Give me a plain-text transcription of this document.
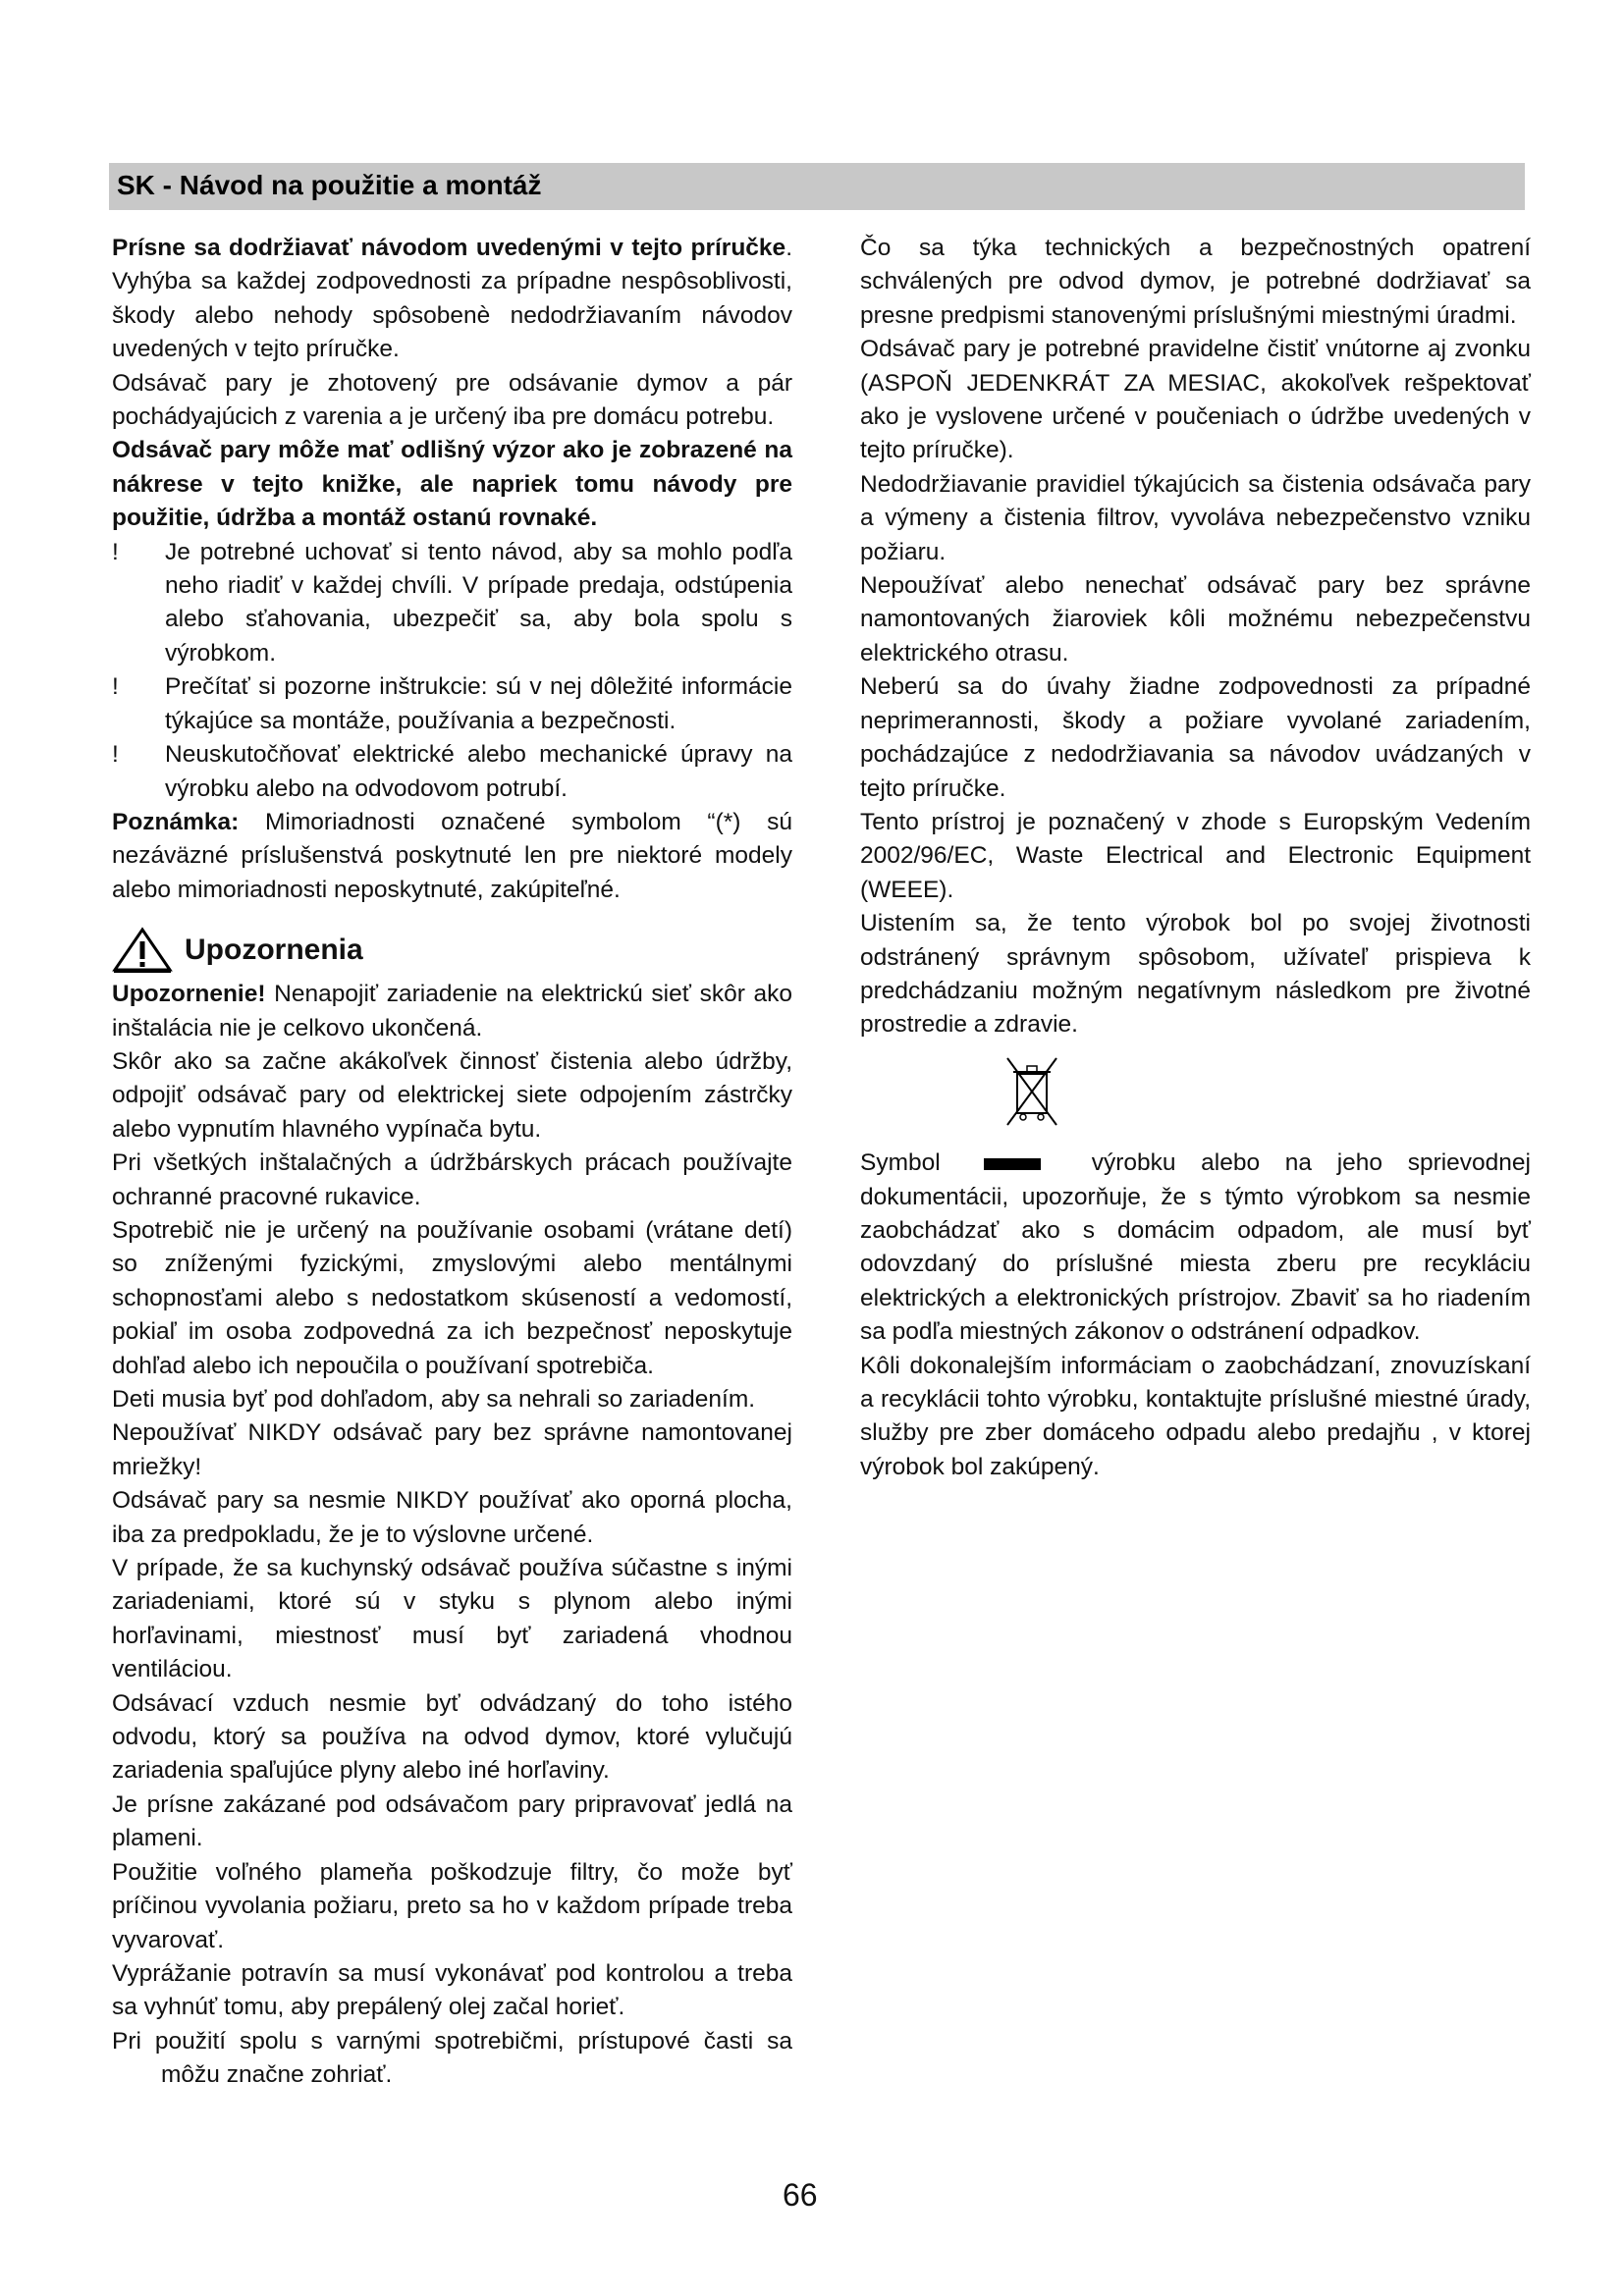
SK - Návod na použitie a montáž

Prísne sa dodržiavať návodom uvedenými v tejto príručke. Vyhýba sa každej zodpovednosti za prípadne nespôsoblivosti, škody alebo nehody spôsobenè nedodržiavaním návodov uvedených v tejto príručke.

Odsávač pary je zhotovený pre odsávanie dymov a pár pochádyajúcich z varenia a je určený iba pre domácu potrebu.

Odsávač pary môže mať odlišný výzor ako je zobrazené na nákrese v tejto knižke, ale napriek tomu návody pre použitie, údržba a montáž ostanú rovnaké.

! Je potrebné uchovať si tento návod, aby sa mohlo podľa neho riadiť v každej chvíli. V prípade predaja, odstúpenia alebo sťahovania, ubezpečiť sa, aby bola spolu s výrobkom.

! Prečítať si pozorne inštrukcie: sú v nej dôležité informácie týkajúce sa montáže, používania a bezpečnosti.

! Neuskutočňovať elektrické alebo mechanické úpravy na výrobku alebo na odvodovom potrubí.

Poznámka: Mimoriadnosti označené symbolom “(*) sú nezáväzné príslušenstvá poskytnuté len pre niektoré modely alebo mimoriadnosti neposkytnuté, zakúpiteľné.

Upozornenia

Upozornenie! Nenapojiť zariadenie na elektrickú sieť skôr ako inštalácia nie je celkovo ukončená.

Skôr ako sa začne akákoľvek činnosť čistenia alebo údržby, odpojiť odsávač pary od elektrickej siete odpojením zástrčky alebo vypnutím hlavného vypínača bytu.

Pri všetkých inštalačných a údržbárskych prácach používajte ochranné pracovné rukavice.

Spotrebič nie je určený na používanie osobami (vrátane detí) so zníženými fyzickými, zmyslovými alebo mentálnymi schopnosťami alebo s nedostatkom skúseností a vedomostí, pokiaľ im osoba zodpovedná za ich bezpečnosť neposkytuje dohľad alebo ich nepoučila o používaní spotrebiča.

Deti musia byť pod dohľadom, aby sa nehrali so zariadením.

Nepoužívať NIKDY odsávač pary bez správne namontovanej mriežky!

Odsávač pary sa nesmie NIKDY používať ako oporná plocha, iba za predpokladu, že je to výslovne určené.

V prípade, že sa kuchynský odsávač používa súčastne s inými zariadeniami, ktoré sú v styku s plynom alebo inými horľavinami, miestnosť musí byť zariadená vhodnou ventiláciou.

Odsávací vzduch nesmie byť odvádzaný do toho istého odvodu, ktorý sa používa na odvod dymov, ktoré vylučujú zariadenia spaľujúce plyny alebo iné horľaviny.

Je prísne zakázané pod odsávačom pary pripravovať jedlá na plameni.

Použitie voľného plameňa poškodzuje filtry, čo može byť príčinou vyvolania požiaru, preto sa ho v každom prípade treba vyvarovať.

Vyprážanie potravín sa musí vykonávať pod kontrolou a treba sa vyhnúť tomu, aby prepálený olej začal horieť.

Pri použití spolu s varnými spotrebičmi, prístupové časti sa môžu značne zohriať.

Čo sa týka technických a bezpečnostných opatrení schválených pre odvod dymov, je potrebné dodržiavať sa presne predpismi stanovenými príslušnými miestnými úradmi.

Odsávač pary je potrebné pravidelne čistiť vnútorne aj zvonku (ASPOŇ JEDENKRÁT ZA MESIAC, akokoľvek rešpektovať ako je vyslovene určené v poučeniach o údržbe uvedených v tejto príručke).

Nedodržiavanie pravidiel týkajúcich sa čistenia odsávača pary a výmeny a čistenia filtrov, vyvoláva nebezpečenstvo vzniku požiaru.

Nepoužívať alebo nenechať odsávač pary bez správne namontovaných žiaroviek kôli možnému nebezpečenstvu elektrického otrasu.

Neberú sa do úvahy žiadne zodpovednosti za prípadné neprimerannosti, škody a požiare vyvolané zariadením, pochádzajúce z nedodržiavania sa návodov uvádzaných v tejto príručke.

Tento prístroj je poznačený v zhode s Europským Vedením 2002/96/EC, Waste Electrical and Electronic Equipment (WEEE).

Uistením sa, že tento výrobok bol po svojej životnosti odstránený správnym spôsobom, užívateľ prispieva k predchádzaniu možným negatívnym následkom pre životné prostredie a zdravie.

Symbol	výrobku alebo na jeho sprievodnej dokumentácii, upozorňuje, že s týmto výrobkom sa nesmie zaobchádzať ako s domácim odpadom, ale musí byť odovzdaný do príslušné miesta zberu pre recykláciu elektrických a elektronických prístrojov. Zbaviť sa ho riadením sa podľa miestných zákonov o odstránení odpadkov.

Kôli dokonalejším informáciam o zaobchádzaní, znovuzískaní a recyklácii tohto výrobku, kontaktujte príslušné miestné úrady, služby pre zber domáceho odpadu alebo predajňu , v ktorej výrobok bol zakúpený.

66
